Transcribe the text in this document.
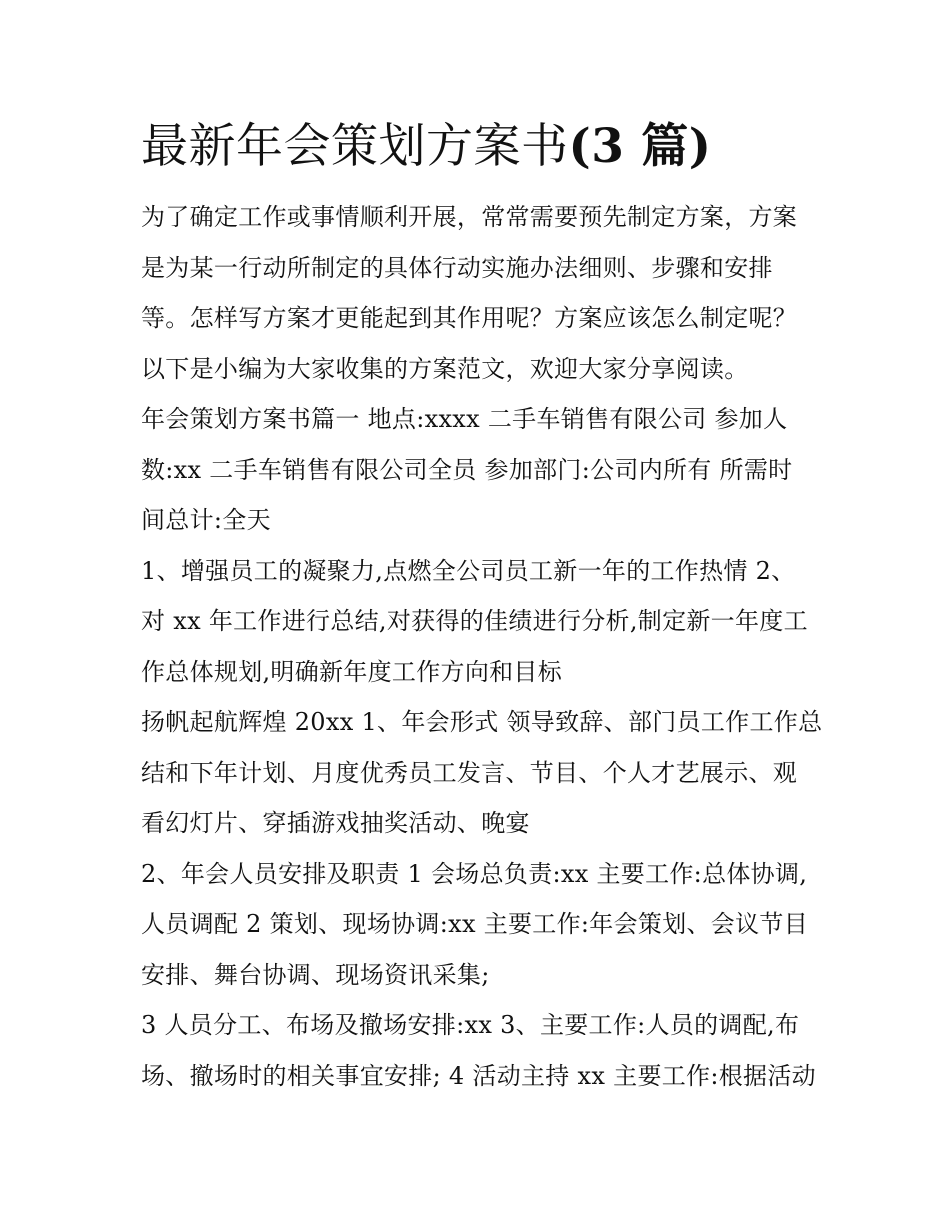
最新年会策划方案书(3 篇)

为了确定工作或事情顺利开展，常常需要预先制定方案，方案
是为某一行动所制定的具体行动实施办法细则、步骤和安排
等。怎样写方案才更能起到其作用呢？方案应该怎么制定呢？
以下是小编为大家收集的方案范文，欢迎大家分享阅读。

年会策划方案书篇一 地点:xxxx 二手车销售有限公司 参加人
数:xx 二手车销售有限公司全员 参加部门:公司内所有 所需时
间总计:全天

1、增强员工的凝聚力,点燃全公司员工新一年的工作热情 2、
对 xx 年工作进行总结,对获得的佳绩进行分析,制定新一年度工
作总体规划,明确新年度工作方向和目标

扬帆起航辉煌 20xx 1、年会形式 领导致辞、部门员工作工作总
结和下年计划、月度优秀员工发言、节目、个人才艺展示、观
看幻灯片、穿插游戏抽奖活动、晚宴

2、年会人员安排及职责 1 会场总负责:xx 主要工作:总体协调,
人员调配 2 策划、现场协调:xx 主要工作:年会策划、会议节目
安排、舞台协调、现场资讯采集;

3 人员分工、布场及撤场安排:xx 3、主要工作:人员的调配,布
场、撤场时的相关事宜安排; 4 活动主持 xx 主要工作:根据活动
